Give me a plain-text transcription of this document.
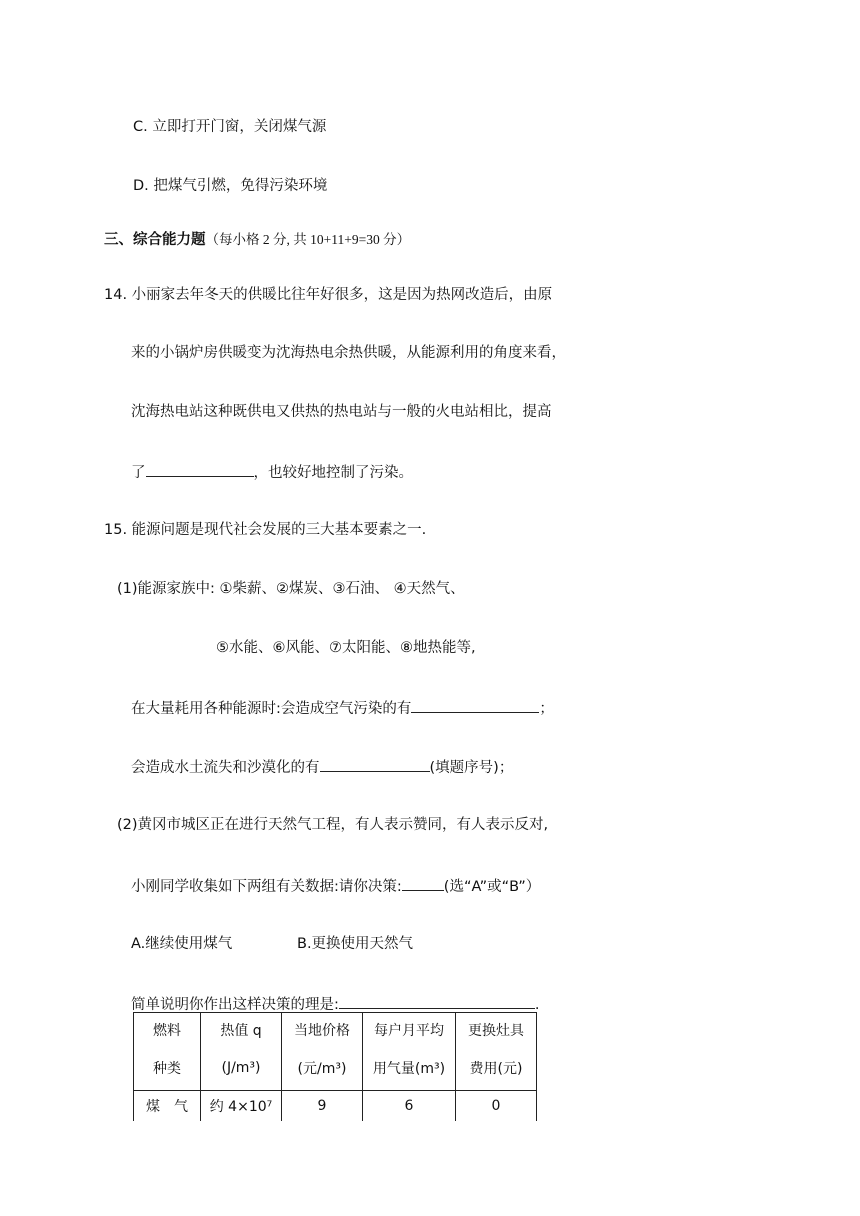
C. 立即打开门窗，关闭煤气源
D. 把煤气引燃，免得污染环境
三、综合能力题（每小格 2 分, 共 10+11+9=30 分）
14. 小丽家去年冬天的供暖比往年好很多，这是因为热网改造后，由原
来的小锅炉房供暖变为沈海热电余热供暖，从能源利用的角度来看，
沈海热电站这种既供电又供热的热电站与一般的火电站相比，提高
了	，也较好地控制了污染。
15. 能源问题是现代社会发展的三大基本要素之一.
(1)能源家族中: ①柴薪、②煤炭、③石油、 ④天然气、
⑤水能、⑥风能、⑦太阳能、⑧地热能等,
在大量耗用各种能源时:会造成空气污染的有	；
会造成水土流失和沙漠化的有	(填题序号)；
(2)黄冈市城区正在进行天然气工程，有人表示赞同，有人表示反对,
小刚同学收集如下两组有关数据:请你决策:	(选“A”或“B”）
A.继续使用煤气	B.更换使用天然气
简单说明你作出这样决策的理是:	.
燃料	热值 q	当地价格	每户月平均	更换灶具
种类	(J/m³)	(元/m³)	用气量(m³)	费用(元)
煤　气	约 4×10⁷	9	6	0
